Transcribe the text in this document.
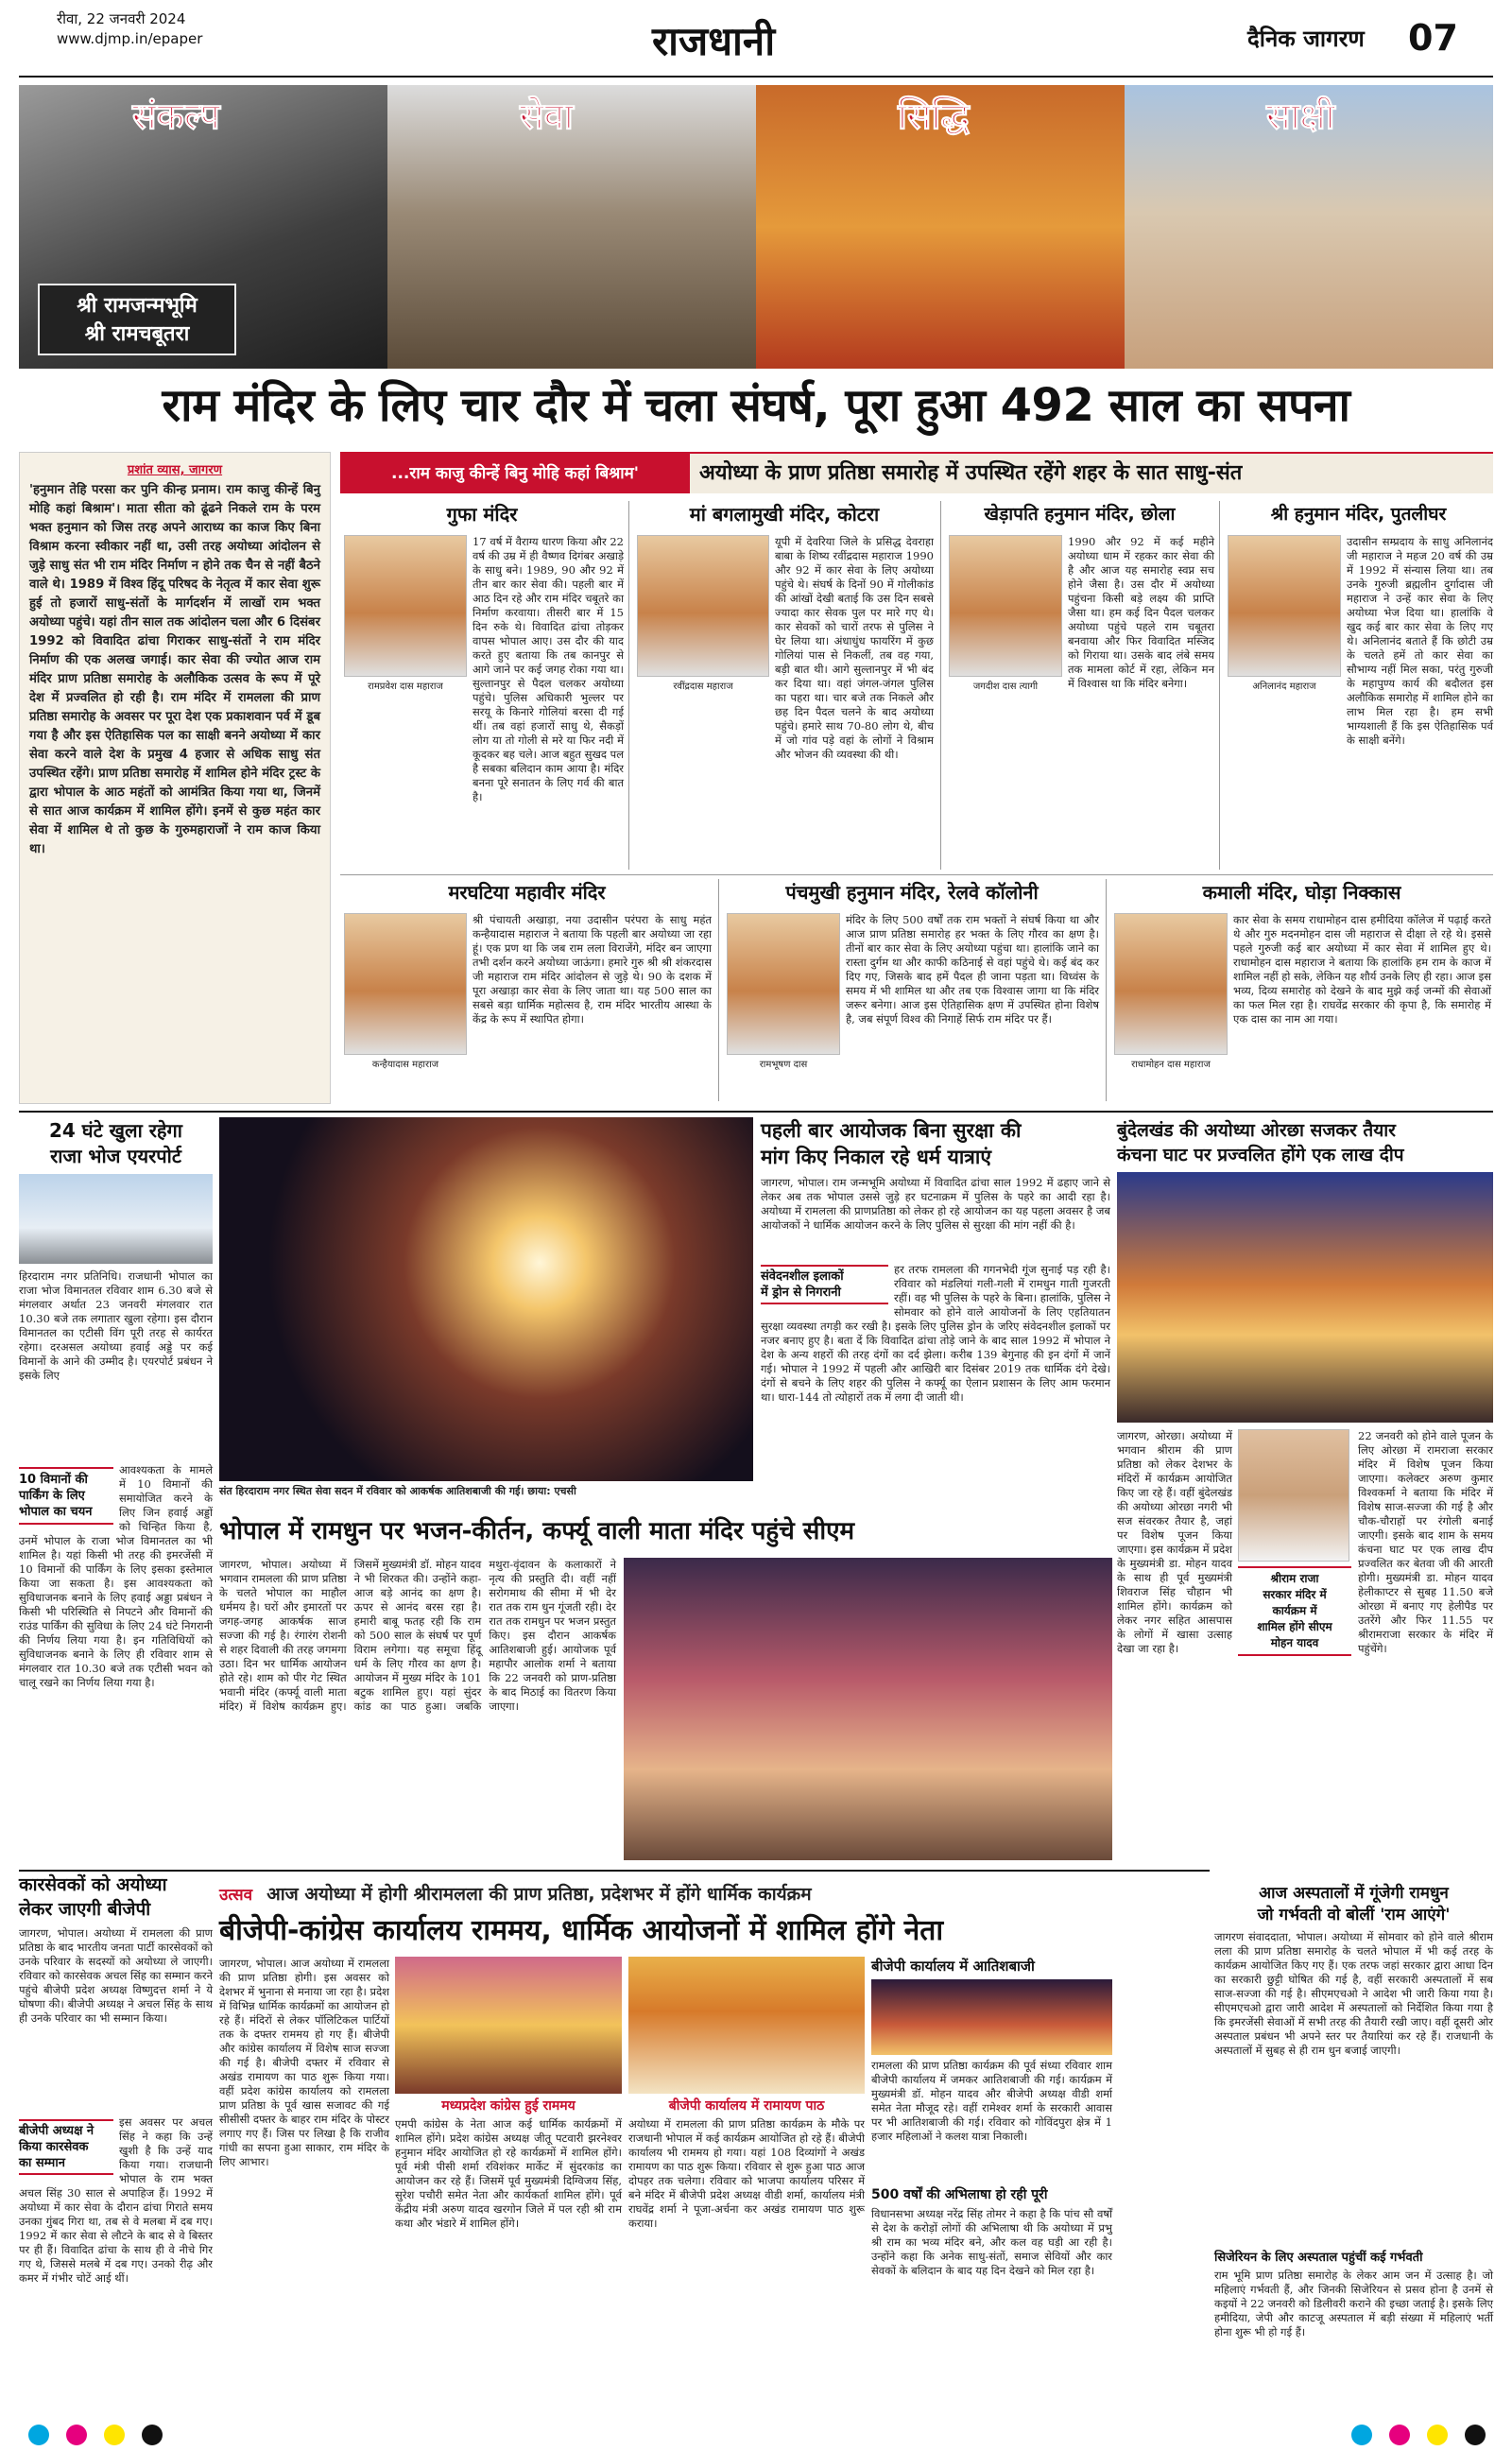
रीवा, 22 जनवरी 2024
www.djmp.in/epaper	राजधानी	दैनिक जागरण 07
श्री रामजन्मभूमि
श्री रामचबूतरा
संकल्प	सेवा	सिद्धि	साक्षी
राम मंदिर के लिए चार दौर में चला संघर्ष, पूरा हुआ 492 साल का सपना
प्रशांत व्यास, जागरण
'हनुमान तेहि परसा कर पुनि कीन्ह प्रनाम। राम काजु कीन्हें बिनु मोहि कहां बिश्राम'। माता सीता को ढूंढने निकले राम के परम भक्त हनुमान को जिस तरह अपने आराध्य का काज किए बिना विश्राम करना स्वीकार नहीं था, उसी तरह अयोध्या आंदोलन से जुड़े साधु संत भी राम मंदिर निर्माण न होने तक चैन से नहीं बैठने वाले थे। 1989 में विश्व हिंदू परिषद के नेतृत्व में कार सेवा शुरू हुई तो हजारों साधु-संतों के मार्गदर्शन में लाखों राम भक्त अयोध्या पहुंचे। यहां तीन साल तक आंदोलन चला और 6 दिसंबर 1992 को विवादित ढांचा गिराकर साधु-संतों ने राम मंदिर निर्माण की एक अलख जगाई। कार सेवा की ज्योत आज राम मंदिर प्राण प्रतिष्ठा समारोह के अलौकिक उत्सव के रूप में पूरे देश में प्रज्वलित हो रही है। राम मंदिर में रामलला की प्राण प्रतिष्ठा समारोह के अवसर पर पूरा देश एक प्रकाशवान पर्व में डूब गया है और इस ऐतिहासिक पल का साक्षी बनने अयोध्या में कार सेवा करने वाले देश के प्रमुख 4 हजार से अधिक साधु संत उपस्थित रहेंगे। प्राण प्रतिष्ठा समारोह में शामिल होने मंदिर ट्रस्ट के द्वारा भोपाल के आठ महंतों को आमंत्रित किया गया था, जिनमें से सात आज कार्यक्रम में शामिल होंगे। इनमें से कुछ महंत कार सेवा में शामिल थे तो कुछ के गुरुमहाराजों ने राम काज किया था।
...राम काजु कीन्हें बिनु मोहि कहां बिश्राम'	अयोध्या के प्राण प्रतिष्ठा समारोह में उपस्थित रहेंगे शहर के सात साधु-संत
गुफा मंदिर
रामप्रवेश दास महाराज
17 वर्ष में वैराग्य धारण किया और 22 वर्ष की उम्र में ही वैष्णव दिगंबर अखाड़े के साधु बने। 1989, 90 और 92 में तीन बार कार सेवा की। पहली बार में आठ दिन रहे और राम मंदिर चबूतरे का निर्माण करवाया। तीसरी बार में 15 दिन रुके थे। विवादित ढांचा तोड़कर वापस भोपाल आए। उस दौर की याद करते हुए बताया कि तब कानपुर से आगे जाने पर कई जगह रोका गया था। सुल्तानपुर से पैदल चलकर अयोध्या पहुंचे। पुलिस अधिकारी भुल्लर पर सरयू के किनारे गोलियां बरसा दी गई थीं। तब वहां हजारों साधु थे, सैकड़ों लोग या तो गोली से मरे या फिर नदी में कूदकर बह चले। आज बहुत सुखद पल है सबका बलिदान काम आया है। मंदिर बनना पूरे सनातन के लिए गर्व की बात है।
मां बगलामुखी मंदिर, कोटरा
रवींद्रदास महाराज
यूपी में देवरिया जिले के प्रसिद्ध देवराहा बाबा के शिष्य रवींद्रदास महाराज 1990 और 92 में कार सेवा के लिए अयोध्या पहुंचे थे। संघर्ष के दिनों 90 में गोलीकांड की आंखों देखी बताई कि उस दिन सबसे ज्यादा कार सेवक पुल पर मारे गए थे। कार सेवकों को चारों तरफ से पुलिस ने घेर लिया था। अंधाधुंध फायरिंग में कुछ गोलियां पास से निकलीं, तब वह गया, बड़ी बात थी। आगे सुल्तानपुर में भी बंद कर दिया था। वहां जंगल-जंगल पुलिस का पहरा था। चार बजे तक निकले और छह दिन पैदल चलने के बाद अयोध्या पहुंचे। हमारे साथ 70-80 लोग थे, बीच में जो गांव पड़े वहां के लोगों ने विश्राम और भोजन की व्यवस्था की थी।
खेड़ापति हनुमान मंदिर, छोला
जगदीश दास त्यागी
1990 और 92 में कई महीने अयोध्या धाम में रहकर कार सेवा की है और आज यह समारोह स्वप्न सच होने जैसा है। उस दौर में अयोध्या पहुंचना किसी बड़े लक्ष्य की प्राप्ति जैसा था। हम कई दिन पैदल चलकर अयोध्या पहुंचे पहले राम चबूतरा बनवाया और फिर विवादित मस्जिद को गिराया था। उसके बाद लंबे समय तक मामला कोर्ट में रहा, लेकिन मन में विश्वास था कि मंदिर बनेगा।
श्री हनुमान मंदिर, पुतलीघर
अनिलानंद महाराज
उदासीन सम्प्रदाय के साधु अनिलानंद जी महाराज ने महज 20 वर्ष की उम्र में 1992 में संन्यास लिया था। तब उनके गुरुजी ब्रह्मलीन दुर्गादास जी महाराज ने उन्हें कार सेवा के लिए अयोध्या भेज दिया था। हालांकि वे खुद कई बार कार सेवा के लिए गए थे। अनिलानंद बताते हैं कि छोटी उम्र के चलते हमें तो कार सेवा का सौभाग्य नहीं मिल सका, परंतु गुरुजी के महापुण्य कार्य की बदौलत इस अलौकिक समारोह में शामिल होने का लाभ मिल रहा है। हम सभी भाग्यशाली हैं कि इस ऐतिहासिक पर्व के साक्षी बनेंगे।
मरघटिया महावीर मंदिर
कन्हैयादास महाराज
श्री पंचायती अखाड़ा, नया उदासीन परंपरा के साधु महंत कन्हैयादास महाराज ने बताया कि पहली बार अयोध्या जा रहा हूं। एक प्रण था कि जब राम लला विराजेंगे, मंदिर बन जाएगा तभी दर्शन करने अयोध्या जाऊंगा। हमारे गुरु श्री श्री शंकरदास जी महाराज राम मंदिर आंदोलन से जुड़े थे। 90 के दशक में पूरा अखाड़ा कार सेवा के लिए जाता था। यह 500 साल का सबसे बड़ा धार्मिक महोत्सव है, राम मंदिर भारतीय आस्था के केंद्र के रूप में स्थापित होगा।
पंचमुखी हनुमान मंदिर, रेलवे कॉलोनी
रामभूषण दास
मंदिर के लिए 500 वर्षों तक राम भक्तों ने संघर्ष किया था और आज प्राण प्रतिष्ठा समारोह हर भक्त के लिए गौरव का क्षण है। तीनों बार कार सेवा के लिए अयोध्या पहुंचा था। हालांकि जाने का रास्ता दुर्गम था और काफी कठिनाई से वहां पहुंचे थे। कई बंद कर दिए गए, जिसके बाद हमें पैदल ही जाना पड़ता था। विध्वंस के समय में भी शामिल था और तब एक विश्वास जागा था कि मंदिर जरूर बनेगा। आज इस ऐतिहासिक क्षण में उपस्थित होना विशेष है, जब संपूर्ण विश्व की निगाहें सिर्फ राम मंदिर पर हैं।
कमाली मंदिर, घोड़ा निक्कास
राधामोहन दास महाराज
कार सेवा के समय राधामोहन दास हमीदिया कॉलेज में पढ़ाई करते थे और गुरु मदनमोहन दास जी महाराज से दीक्षा ले रहे थे। इससे पहले गुरुजी कई बार अयोध्या में कार सेवा में शामिल हुए थे। राधामोहन दास महाराज ने बताया कि हालांकि हम राम के काज में शामिल नहीं हो सके, लेकिन यह शौर्य उनके लिए ही रहा। आज इस भव्य, दिव्य समारोह को देखने के बाद मुझे कई जन्मों की सेवाओं का फल मिल रहा है। राघवेंद्र सरकार की कृपा है, कि समारोह में एक दास का नाम आ गया।
24 घंटे खुला रहेगा
राजा भोज एयरपोर्ट
हिरदाराम नगर प्रतिनिधि। राजधानी भोपाल का राजा भोज विमानतल रविवार शाम 6.30 बजे से मंगलवार अर्थात 23 जनवरी मंगलवार रात 10.30 बजे तक लगातार खुला रहेगा। इस दौरान विमानतल का एटीसी विंग पूरी तरह से कार्यरत रहेगा। दरअसल अयोध्या हवाई अड्डे पर कई विमानों के आने की उम्मीद है। एयरपोर्ट प्रबंधन ने इसके लिए
10 विमानों की
पार्किंग के लिए
भोपाल का चयन
आवश्यकता के मामले में 10 विमानों की समायोजित करने के लिए जिन हवाई अड्डों को चिन्हित किया है, उनमें भोपाल के राजा भोज विमानतल का भी शामिल है। यहां किसी भी तरह की इमरजेंसी में 10 विमानों की पार्किंग के लिए इसका इस्तेमाल किया जा सकता है। इस आवश्यकता को सुविधाजनक बनाने के लिए हवाई अड्डा प्रबंधन ने किसी भी परिस्थिति से निपटने और विमानों की राउंड पार्किंग की सुविधा के लिए 24 घंटे निगरानी की निर्णय लिया गया है। इन गतिविधियों को सुविधाजनक बनाने के लिए ही रविवार शाम से मंगलवार रात 10.30 बजे तक एटीसी भवन को चालू रखने का निर्णय लिया गया है।
संत हिरदाराम नगर स्थित सेवा सदन में रविवार को आकर्षक आतिशबाजी की गई। छाया: एचसी
पहली बार आयोजक बिना सुरक्षा की
मांग किए निकाल रहे धर्म यात्राएं
जागरण, भोपाल। राम जन्मभूमि अयोध्या में विवादित ढांचा साल 1992 में ढहाए जाने से लेकर अब तक भोपाल उससे जुड़े हर घटनाक्रम में पुलिस के पहरे का आदी रहा है। अयोध्या में रामलला की प्राणप्रतिष्ठा को लेकर हो रहे आयोजन का यह पहला अवसर है जब आयोजकों ने धार्मिक आयोजन करने के लिए पुलिस से सुरक्षा की मांग नहीं की है।
संवेदनशील इलाकों
में ड्रोन से निगरानी
हर तरफ रामलला की गगनभेदी गूंज सुनाई पड़ रही है। रविवार को मंडलियां गली-गली में रामधुन गाती गुजरती रहीं। वह भी पुलिस के पहरे के बिना। हालांकि, पुलिस ने सोमवार को होने वाले आयोजनों के लिए एहतियातन सुरक्षा व्यवस्था तगड़ी कर रखी है। इसके लिए पुलिस ड्रोन के जरिए संवेदनशील इलाकों पर नजर बनाए हुए है। बता दें कि विवादित ढांचा तोड़े जाने के बाद साल 1992 में भोपाल ने देश के अन्य शहरों की तरह दंगों का दर्द झेला। करीब 139 बेगुनाह की इन दंगों में जानें गई। भोपाल ने 1992 में पहली और आखिरी बार दिसंबर 2019 तक धार्मिक दंगे देखे। दंगों से बचने के लिए शहर की पुलिस ने कर्फ्यू का ऐलान प्रशासन के लिए आम फरमान था। धारा-144 तो त्योहारों तक में लगा दी जाती थी।
बुंदेलखंड की अयोध्या ओरछा सजकर तैयार
कंचना घाट पर प्रज्वलित होंगे एक लाख दीप
जागरण, ओरछा। अयोध्या में भगवान श्रीराम की प्राण प्रतिष्ठा को लेकर देशभर के मंदिरों में कार्यक्रम आयोजित किए जा रहे हैं। वहीं बुंदेलखंड की अयोध्या ओरछा नगरी भी सज संवरकर तैयार है, जहां पर विशेष पूजन किया जाएगा। इस कार्यक्रम में प्रदेश के मुख्यमंत्री डा. मोहन यादव के साथ ही पूर्व मुख्यमंत्री शिवराज सिंह चौहान भी शामिल होंगे। कार्यक्रम को लेकर नगर सहित आसपास के लोगों में खासा उत्साह देखा जा रहा है।
श्रीराम राजा
सरकार मंदिर में
कार्यक्रम में
शामिल होंगे सीएम
मोहन यादव
22 जनवरी को होने वाले पूजन के लिए ओरछा में रामराजा सरकार मंदिर में विशेष पूजन किया जाएगा। कलेक्टर अरुण कुमार विश्वकर्मा ने बताया कि मंदिर में विशेष साज-सज्जा की गई है और चौक-चौराहों पर रंगोली बनाई जाएगी। इसके बाद शाम के समय कंचना घाट पर एक लाख दीप प्रज्वलित कर बेतवा जी की आरती होगी। मुख्यमंत्री डा. मोहन यादव हेलीकाप्टर से सुबह 11.50 बजे ओरछा में बनाए गए हेलीपैड पर उतरेंगे और फिर 11.55 पर श्रीरामराजा सरकार के मंदिर में पहुंचेंगे।
भोपाल में रामधुन पर भजन-कीर्तन, कर्फ्यू वाली माता मंदिर पहुंचे सीएम
जागरण, भोपाल। अयोध्या में भगवान रामलला की प्राण प्रतिष्ठा के चलते भोपाल का माहौल धर्ममय है। घरों और इमारतों पर जगह-जगह आकर्षक साज सज्जा की गई है। रंगारंग रोशनी से शहर दिवाली की तरह जगमगा उठा। दिन भर धार्मिक आयोजन होते रहे। शाम को पीर गेट स्थित भवानी मंदिर (कर्फ्यू वाली माता मंदिर) में विशेष कार्यक्रम हुए। जिसमें मुख्यमंत्री डॉ. मोहन यादव ने भी शिरकत की। उन्होंने कहा- आज बड़े आनंद का क्षण है। ऊपर से आनंद बरस रहा है। हमारी बाबू फतह रही कि राम को 500 साल के संघर्ष पर पूर्ण विराम लगेगा। यह समूचा हिंदू धर्म के लिए गौरव का क्षण है। आयोजन में मुख्य मंदिर के 101 बटुक शामिल हुए। यहां सुंदर कांड का पाठ हुआ। जबकि मथुरा-वृंदावन के कलाकारों ने नृत्य की प्रस्तुति दी। वहीं नहीं सरोगमाथ की सीमा में भी देर रात तक राम धुन गूंजती रही। देर रात तक रामधुन पर भजन प्रस्तुत किए। इस दौरान आकर्षक आतिशबाजी हुई। आयोजक पूर्व महापौर आलोक शर्मा ने बताया कि 22 जनवरी को प्राण-प्रतिष्ठा के बाद मिठाई का वितरण किया जाएगा।
कारसेवकों को अयोध्या
लेकर जाएगी बीजेपी
जागरण, भोपाल। अयोध्या में रामलला की प्राण प्रतिष्ठा के बाद भारतीय जनता पार्टी कारसेवकों को उनके परिवार के सदस्यों को अयोध्या ले जाएगी। रविवार को कारसेवक अचल सिंह का सम्मान करने पहुंचे बीजेपी प्रदेश अध्यक्ष विष्णुदत्त शर्मा ने ये घोषणा की। बीजेपी अध्यक्ष ने अचल सिंह के साथ ही उनके परिवार का भी सम्मान किया।
बीजेपी अध्यक्ष ने
किया कारसेवक
का सम्मान
इस अवसर पर अचल सिंह ने कहा कि उन्हें खुशी है कि उन्हें याद किया गया। राजधानी भोपाल के राम भक्त अचल सिंह 30 साल से अपाहिज हैं। 1992 में अयोध्या में कार सेवा के दौरान ढांचा गिराते समय उनका गुंबद गिरा था, तब से वे मलबा में दब गए। 1992 में कार सेवा से लौटने के बाद से वे बिस्तर पर ही हैं। विवादित ढांचा के साथ ही वे नीचे गिर गए थे, जिससे मलबे में दब गए। उनको रीढ़ और कमर में गंभीर चोटें आई थीं।
उत्सव आज अयोध्या में होगी श्रीरामलला की प्राण प्रतिष्ठा, प्रदेशभर में होंगे धार्मिक कार्यक्रम
बीजेपी-कांग्रेस कार्यालय राममय, धार्मिक आयोजनों में शामिल होंगे नेता
जागरण, भोपाल। आज अयोध्या में रामलला की प्राण प्रतिष्ठा होगी। इस अवसर को देशभर में भुनाना से मनाया जा रहा है। प्रदेश में विभिन्न धार्मिक कार्यक्रमों का आयोजन हो रहे हैं। मंदिरों से लेकर पॉलिटिकल पार्टियों तक के दफ्तर राममय हो गए हैं। बीजेपी और कांग्रेस कार्यालय में विशेष साज सज्जा की गई है। बीजेपी दफ्तर में रविवार से अखंड रामायण का पाठ शुरू किया गया। वहीं प्रदेश कांग्रेस कार्यालय को रामलला प्राण प्रतिष्ठा के पूर्व खास सजावट की गई सीसीसी दफ्तर के बाहर राम मंदिर के पोस्टर लगाए गए हैं। जिस पर लिखा है कि राजीव गांधी का सपना हुआ साकार, राम मंदिर के लिए आभार।
मध्यप्रदेश कांग्रेस हुई राममय
एमपी कांग्रेस के नेता आज कई धार्मिक कार्यक्रमों में शामिल होंगे। प्रदेश कांग्रेस अध्यक्ष जीतू पटवारी झरनेश्वर हनुमान मंदिर आयोजित हो रहे कार्यक्रमों में शामिल होंगे। पूर्व मंत्री पीसी शर्मा रविशंकर मार्केट में सुंदरकांड का आयोजन कर रहे हैं। जिसमें पूर्व मुख्यमंत्री दिग्विजय सिंह, सुरेश पचौरी समेत नेता और कार्यकर्ता शामिल होंगे। पूर्व केंद्रीय मंत्री अरुण यादव खरगोन जिले में पल रही श्री राम कथा और भंडारे में शामिल होंगे।
बीजेपी कार्यालय में रामायण पाठ
अयोध्या में रामलला की प्राण प्रतिष्ठा कार्यक्रम के मौके पर राजधानी भोपाल में कई कार्यक्रम आयोजित हो रहे हैं। बीजेपी कार्यालय भी राममय हो गया। यहां 108 दिव्यांगों ने अखंड रामायण का पाठ शुरू किया। रविवार से शुरू हुआ पाठ आज दोपहर तक चलेगा। रविवार को भाजपा कार्यालय परिसर में बने मंदिर में बीजेपी प्रदेश अध्यक्ष वीडी शर्मा, कार्यालय मंत्री राघवेंद्र शर्मा ने पूजा-अर्चना कर अखंड रामायण पाठ शुरू कराया।
बीजेपी कार्यालय में आतिशबाजी
रामलला की प्राण प्रतिष्ठा कार्यक्रम की पूर्व संध्या रविवार शाम बीजेपी कार्यालय में जमकर आतिशबाजी की गई। कार्यक्रम में मुख्यमंत्री डॉ. मोहन यादव और बीजेपी अध्यक्ष वीडी शर्मा समेत नेता मौजूद रहे। वहीं रामेश्वर शर्मा के सरकारी आवास पर भी आतिशबाजी की गई। रविवार को गोविंदपुरा क्षेत्र में 1 हजार महिलाओं ने कलश यात्रा निकाली।
500 वर्षों की अभिलाषा हो रही पूरी
विधानसभा अध्यक्ष नरेंद्र सिंह तोमर ने कहा है कि पांच सौ वर्षों से देश के करोड़ों लोगों की अभिलाषा थी कि अयोध्या में प्रभु श्री राम का भव्य मंदिर बने, और कल वह घड़ी आ रही है। उन्होंने कहा कि अनेक साधु-संतों, समाज सेवियों और कार सेवकों के बलिदान के बाद यह दिन देखने को मिल रहा है।
आज अस्पतालों में गूंजेगी रामधुन
जो गर्भवती वो बोलीं 'राम आएंगे'
जागरण संवाददाता, भोपाल। अयोध्या में सोमवार को होने वाले श्रीराम लला की प्राण प्रतिष्ठा समारोह के चलते भोपाल में भी कई तरह के कार्यक्रम आयोजित किए गए हैं। एक तरफ जहां सरकार द्वारा आधा दिन का सरकारी छुट्टी घोषित की गई है, वहीं सरकारी अस्पतालों में सब साज-सज्जा की गई है। सीएमएचओ ने आदेश भी जारी किया गया है। सीएमएचओ द्वारा जारी आदेश में अस्पतालों को निर्देशित किया गया है कि इमरजेंसी सेवाओं में सभी तरह की तैयारी रखी जाए। वहीं दूसरी ओर अस्पताल प्रबंधन भी अपने स्तर पर तैयारियां कर रहे हैं। राजधानी के अस्पतालों में सुबह से ही राम धुन बजाई जाएगी।
सिजेरियन के लिए अस्पताल पहुंचीं कई गर्भवती
राम भूमि प्राण प्रतिष्ठा समारोह के लेकर आम जन में उत्साह है। जो महिलाएं गर्भवती हैं, और जिनकी सिजेरियन से प्रसव होना है उनमें से कइयों ने 22 जनवरी को डिलीवरी कराने की इच्छा जताई है। इसके लिए हमीदिया, जेपी और काटजू अस्पताल में बड़ी संख्या में महिलाएं भर्ती होना शुरू भी हो गई हैं।
